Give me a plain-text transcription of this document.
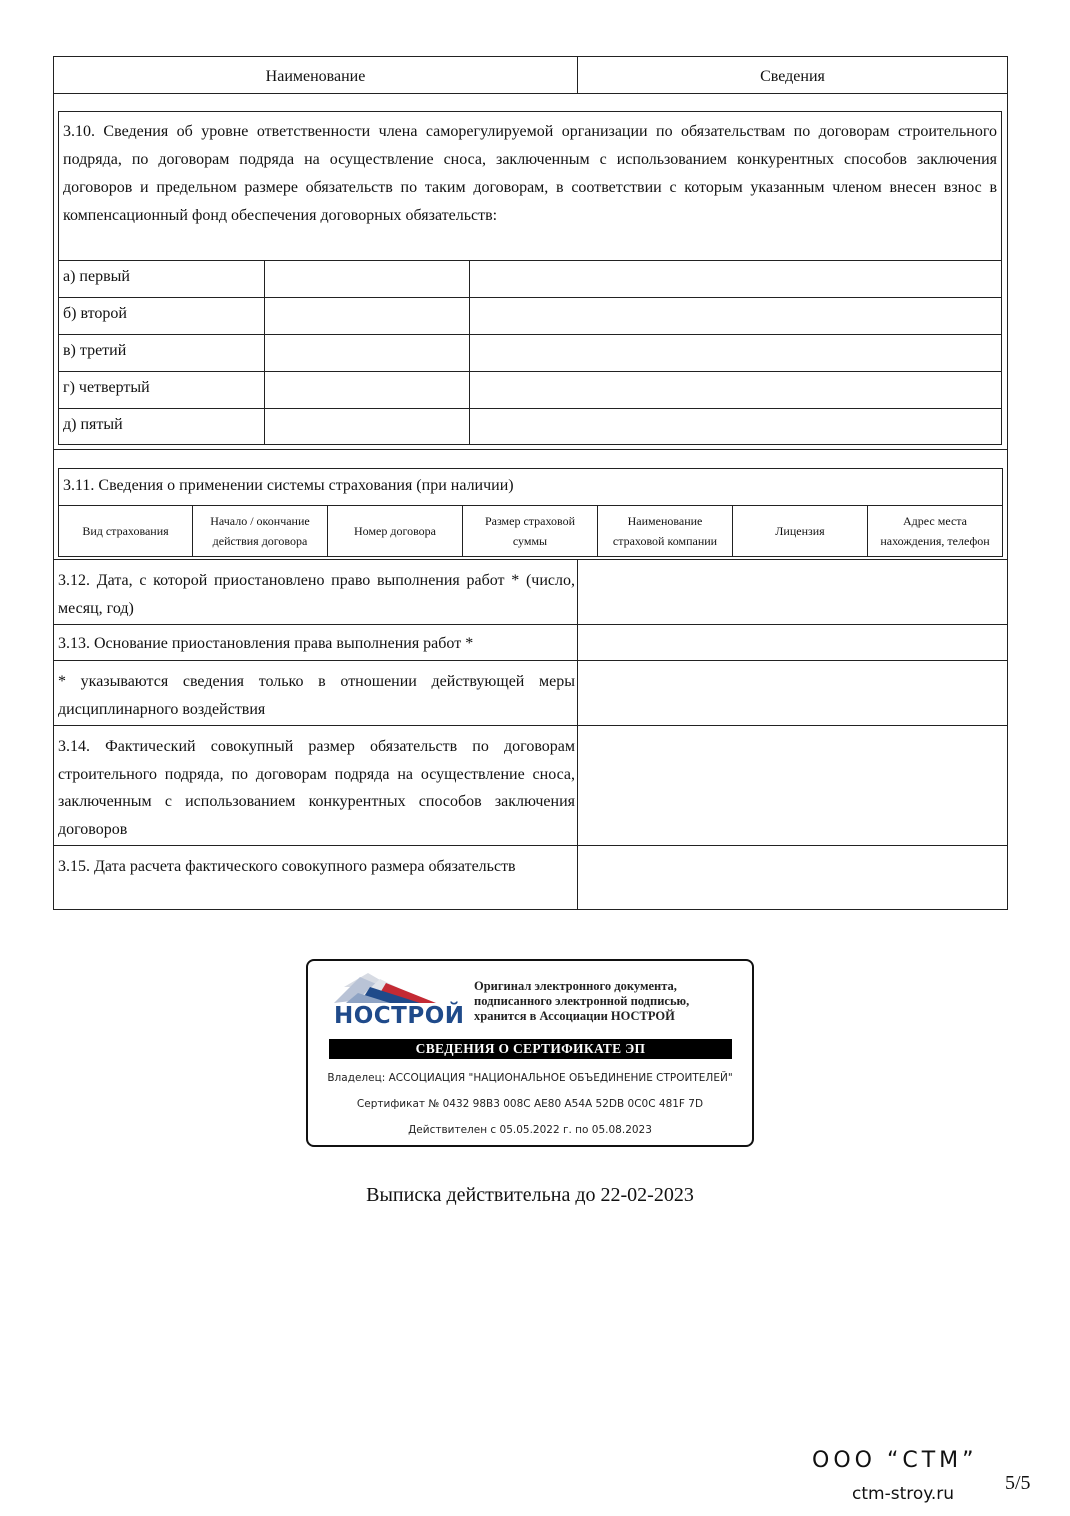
Наименование	Сведения
3.10. Сведения об уровне ответственности члена саморегулируемой организации по обязательствам по договорам строительного подряда, по договорам подряда на осуществление сноса, заключенным с использованием конкурентных способов заключения договоров и предельном размере обязательств по таким договорам, в соответствии с которым указанным членом внесен взнос в компенсационный фонд обеспечения договорных обязательств:
а) первый
б) второй
в) третий
г) четвертый
д) пятый
3.11. Сведения о применении системы страхования (при наличии)
Вид страхования
Начало / окончание действия договора
Номер договора
Размер страховой суммы
Наименование страховой компании
Лицензия
Адрес места нахождения, телефон
3.12. Дата, с которой приостановлено право выполнения работ * (число, месяц, год)
3.13. Основание приостановления права выполнения работ *
* указываются сведения только в отношении действующей меры дисциплинарного воздействия
3.14. Фактический совокупный размер обязательств по договорам строительного подряда, по договорам подряда на осуществление сноса, заключенным с использованием конкурентных способов заключения договоров
3.15. Дата расчета фактического совокупного размера обязательств
НОСТРОЙ
Оригинал электронного документа, подписанного электронной подписью, хранится в Ассоциации НОСТРОЙ
СВЕДЕНИЯ О СЕРТИФИКАТЕ ЭП
Владелец: АССОЦИАЦИЯ "НАЦИОНАЛЬНОЕ ОБЪЕДИНЕНИЕ СТРОИТЕЛЕЙ"
Сертификат № 0432 98B3 008C AE80 A54A 52DB 0C0C 481F 7D
Действителен с 05.05.2022 г. по 05.08.2023
Выписка действительна до 22-02-2023
ООО “СТМ”
ctm-stroy.ru	5/5
